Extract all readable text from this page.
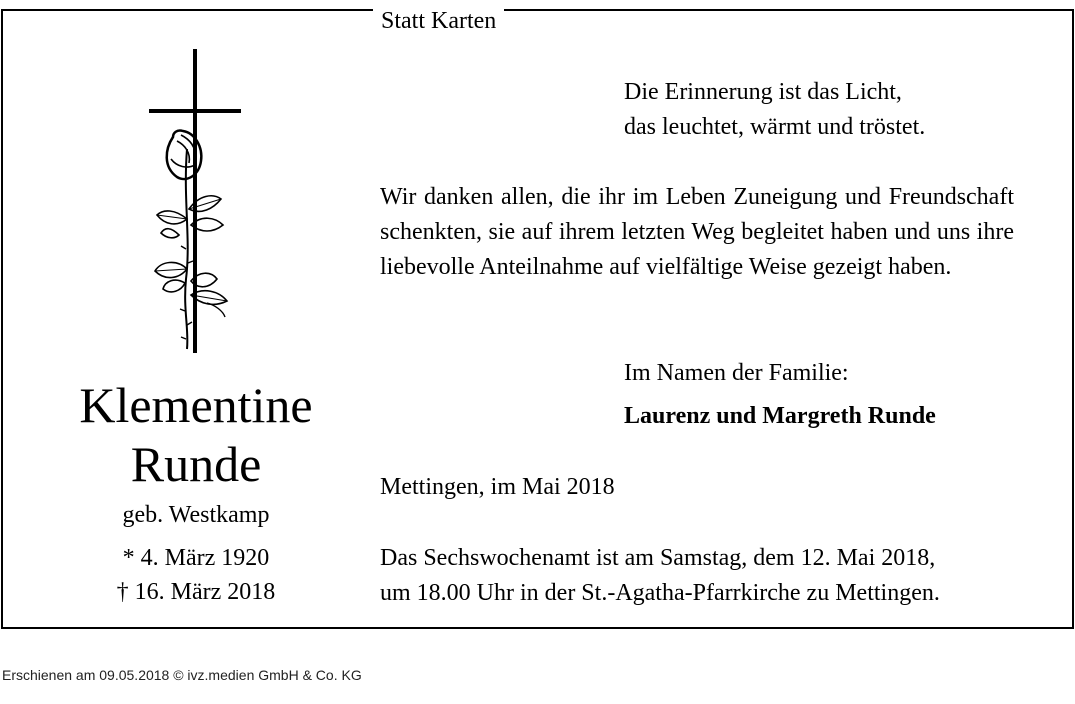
Statt Karten
Klementine
Runde
geb. Westkamp
* 4. März 1920
† 16. März 2018
Die Erinnerung ist das Licht,
das leuchtet, wärmt und tröstet.
Wir danken allen, die ihr im Leben Zuneigung und Freundschaft schenkten, sie auf ihrem letzten Weg begleitet haben und uns ihre liebevolle Anteilnahme auf vielfältige Weise gezeigt haben.
Im Namen der Familie:
Laurenz und Margreth Runde
Mettingen, im Mai 2018
Das Sechswochenamt ist am Samstag, dem 12. Mai 2018,
um 18.00 Uhr in der St.-Agatha-Pfarrkirche zu Mettingen.
Erschienen am 09.05.2018 © ivz.medien GmbH & Co. KG
